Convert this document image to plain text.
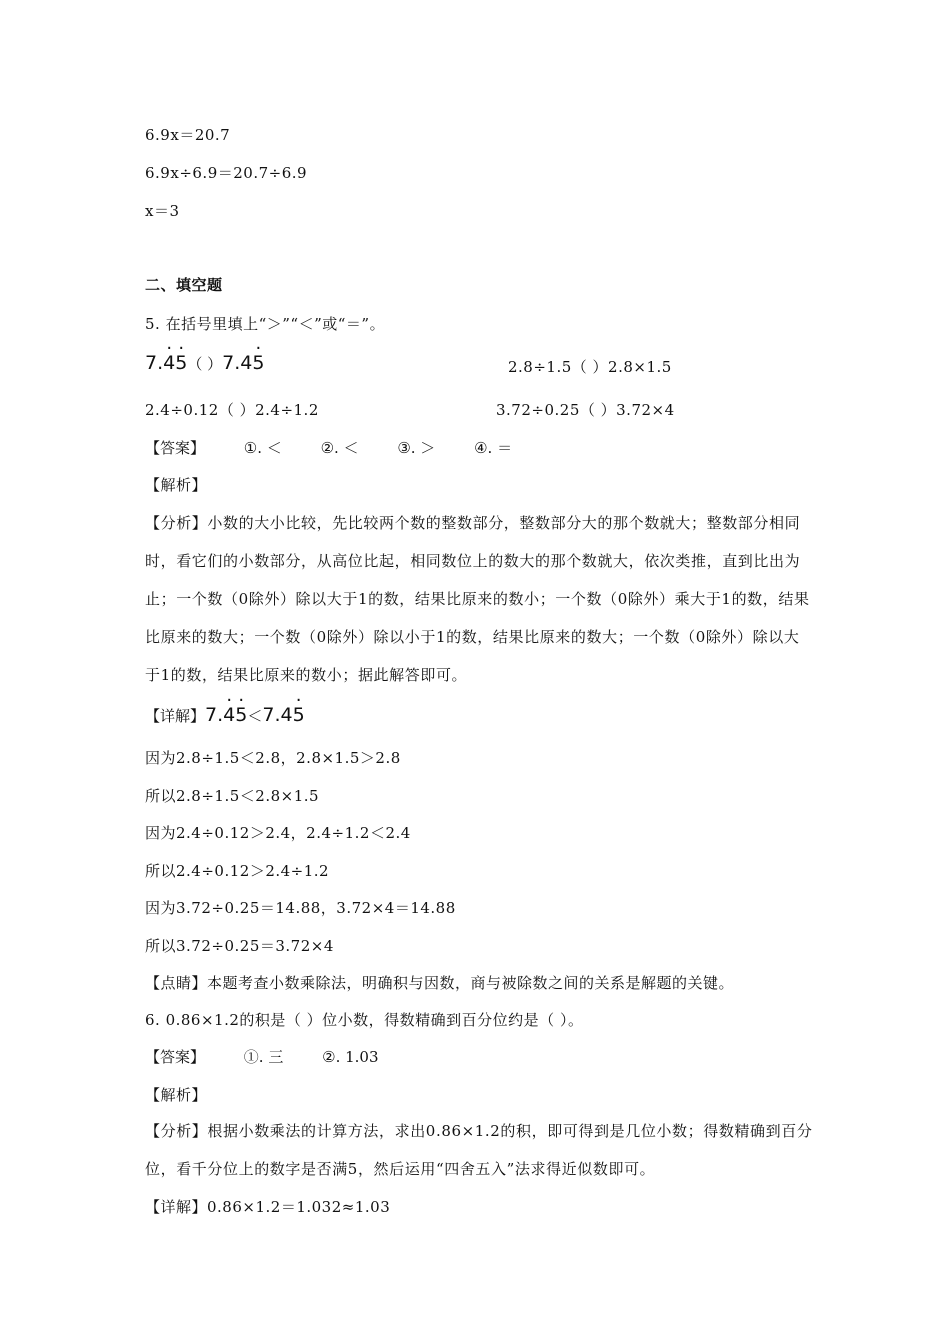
6.9x＝20.7
6.9x÷6.9＝20.7÷6.9
x＝3
二、填空题
5. 在括号里填上“＞”“＜”或“＝”。
7.· 4· 5（ ）7.4· 5	2.8÷1.5（ ）2.8×1.5
2.4÷0.12（ ）2.4÷1.2	3.72÷0.25（ ）3.72×4
【答案】	①. ＜	②. ＜	③. ＞	④. ＝
【解析】
【分析】小数的大小比较，先比较两个数的整数部分，整数部分大的那个数就大；整数部分相同时，看它们的小数部分，从高位比起，相同数位上的数大的那个数就大，依次类推，直到比出为止；一个数（0除外）除以大于1的数，结果比原来的数小；一个数（0除外）乘大于1的数，结果比原来的数大；一个数（0除外）除以小于1的数，结果比原来的数大；一个数（0除外）除以大于1的数，结果比原来的数小；据此解答即可。
【详解】7.· 4· 5＜7.4· 5
因为2.8÷1.5＜2.8，2.8×1.5＞2.8
所以2.8÷1.5＜2.8×1.5
因为2.4÷0.12＞2.4，2.4÷1.2＜2.4
所以2.4÷0.12＞2.4÷1.2
因为3.72÷0.25＝14.88，3.72×4＝14.88
所以3.72÷0.25＝3.72×4
【点睛】本题考查小数乘除法，明确积与因数，商与被除数之间的关系是解题的关键。
6. 0.86×1.2的积是（ ）位小数，得数精确到百分位约是（ ）。
【答案】	①. 三	②. 1.03
【解析】
【分析】根据小数乘法的计算方法，求出0.86×1.2的积，即可得到是几位小数；得数精确到百分位，看千分位上的数字是否满5，然后运用“四舍五入”法求得近似数即可。
【详解】0.86×1.2＝1.032≈1.03
